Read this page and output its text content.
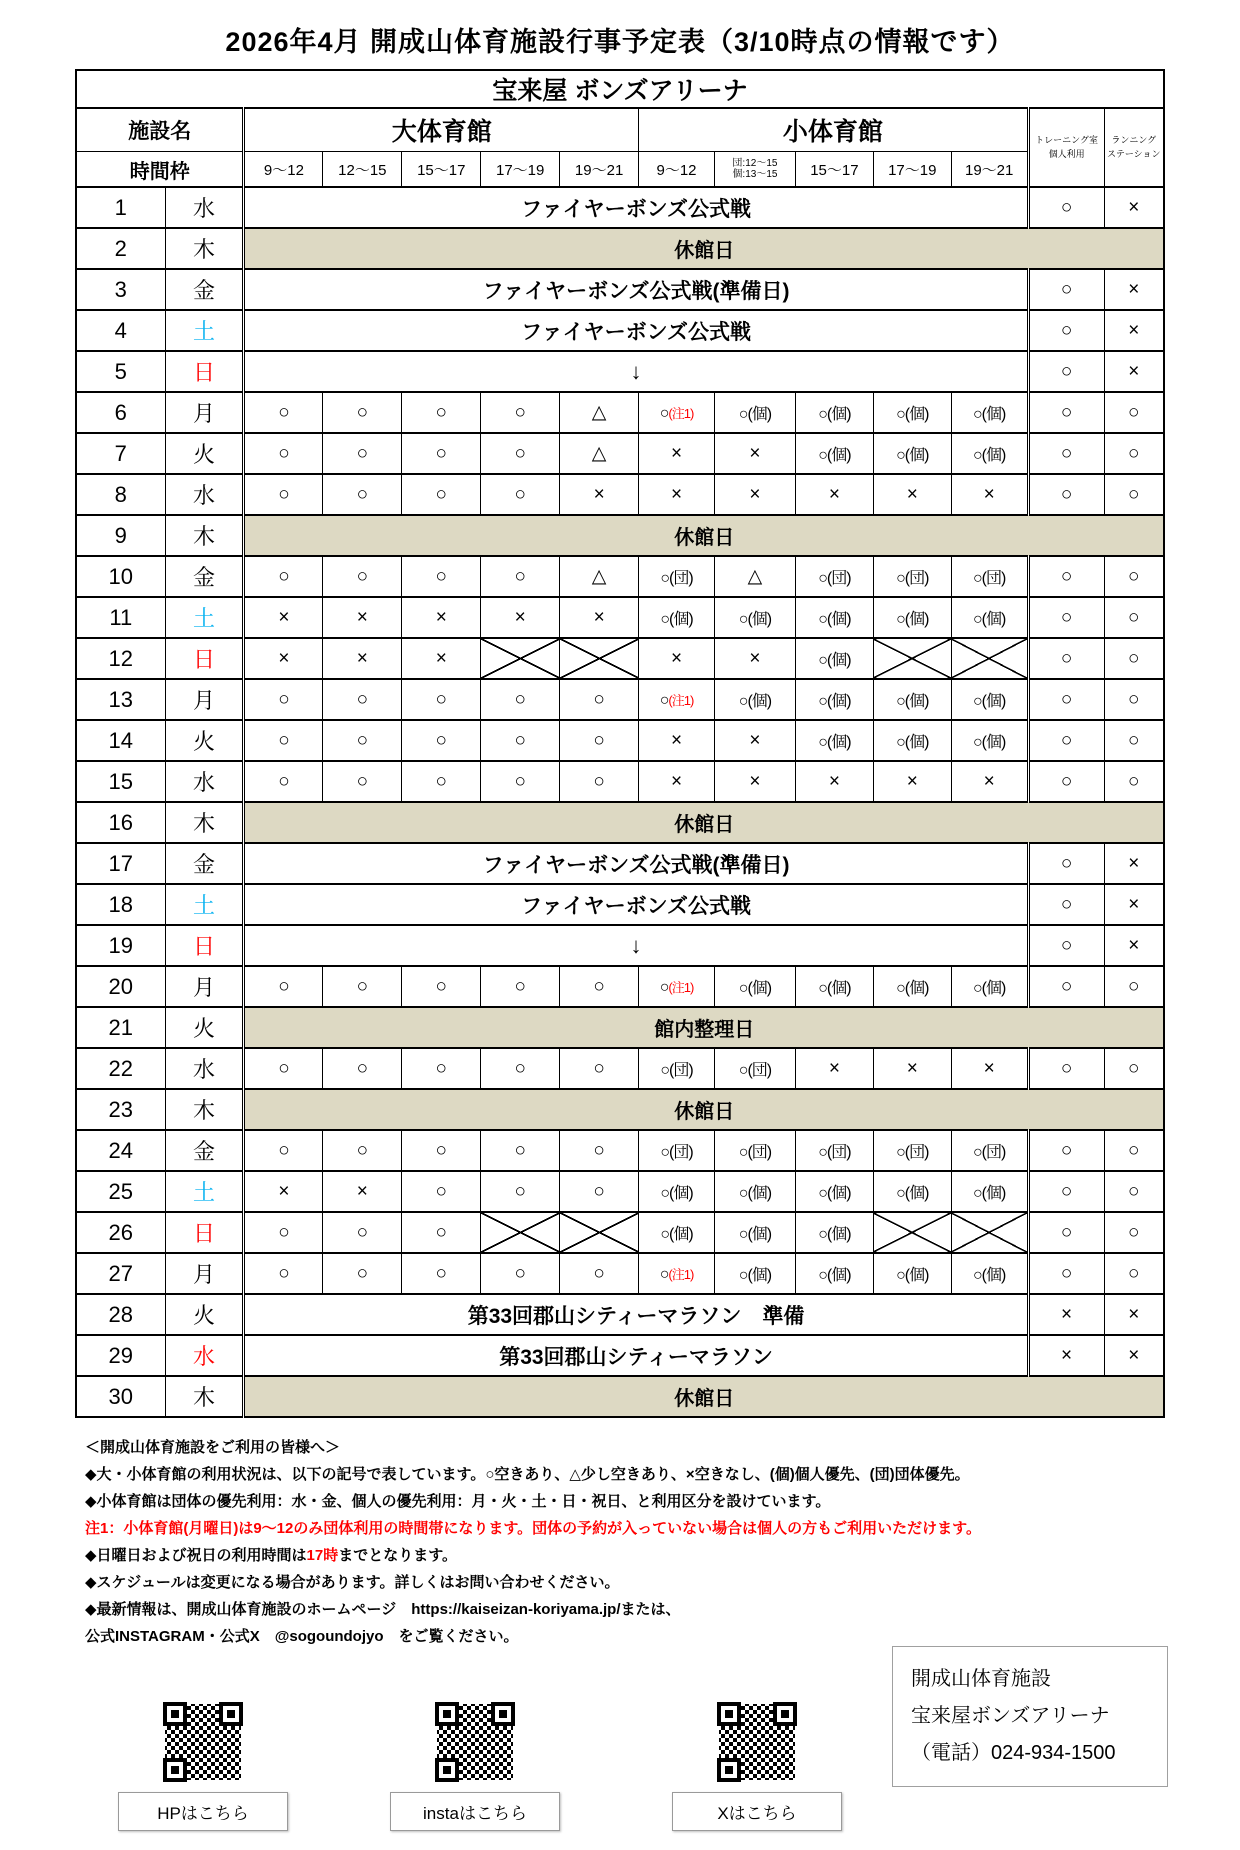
2026年4月 開成山体育施設行事予定表（3/10時点の情報です）
宝来屋 ボンズアリーナ													
施設名		大体育館					小体育館					トレーニング室
個人利用	ランニング
ステーション
時間枠		9～12	12～15	15～17	17～19	19～21	9～12	団:12～15
個:13～15	15～17	17～19	19～21		
1	水	ファイヤーボンズ公式戦										○	×
2	木	休館日											
3	金	ファイヤーボンズ公式戦(準備日)										○	×
4	土	ファイヤーボンズ公式戦										○	×
5	日	↓										○	×
6	月	○	○	○	○	△	○(注1)	○(個)	○(個)	○(個)	○(個)	○	○
7	火	○	○	○	○	△	×	×	○(個)	○(個)	○(個)	○	○
8	水	○	○	○	○	×	×	×	×	×	×	○	○
9	木	休館日											
10	金	○	○	○	○	△	○(団)	△	○(団)	○(団)	○(団)	○	○
11	土	×	×	×	×	×	○(個)	○(個)	○(個)	○(個)	○(個)	○	○
12	日	×	×	×			×	×	○(個)			○	○
13	月	○	○	○	○	○	○(注1)	○(個)	○(個)	○(個)	○(個)	○	○
14	火	○	○	○	○	○	×	×	○(個)	○(個)	○(個)	○	○
15	水	○	○	○	○	○	×	×	×	×	×	○	○
16	木	休館日											
17	金	ファイヤーボンズ公式戦(準備日)										○	×
18	土	ファイヤーボンズ公式戦										○	×
19	日	↓										○	×
20	月	○	○	○	○	○	○(注1)	○(個)	○(個)	○(個)	○(個)	○	○
21	火	館内整理日											
22	水	○	○	○	○	○	○(団)	○(団)	×	×	×	○	○
23	木	休館日											
24	金	○	○	○	○	○	○(団)	○(団)	○(団)	○(団)	○(団)	○	○
25	土	×	×	○	○	○	○(個)	○(個)	○(個)	○(個)	○(個)	○	○
26	日	○	○	○			○(個)	○(個)	○(個)			○	○
27	月	○	○	○	○	○	○(注1)	○(個)	○(個)	○(個)	○(個)	○	○
28	火	第33回郡山シティーマラソン　準備										×	×
29	水	第33回郡山シティーマラソン										×	×
30	木	休館日											
＜開成山体育施設をご利用の皆様へ＞
◆大・小体育館の利用状況は、以下の記号で表しています。○空きあり、△少し空きあり、×空きなし、(個)個人優先、(団)団体優先。
◆小体育館は団体の優先利用：水・金、個人の優先利用：月・火・土・日・祝日、と利用区分を設けています。
注1：小体育館(月曜日)は9～12のみ団体利用の時間帯になります。団体の予約が入っていない場合は個人の方もご利用いただけます。
◆日曜日および祝日の利用時間は17時までとなります。
◆スケジュールは変更になる場合があります。詳しくはお問い合わせください。
◆最新情報は、開成山体育施設のホームページ　https://kaiseizan-koriyama.jp/または、
公式INSTAGRAM・公式X　@sogoundojyo　をご覧ください。
HPはこちら	instaはこちら	Xはこちら
開成山体育施設
宝来屋ボンズアリーナ
（電話）024-934-1500
